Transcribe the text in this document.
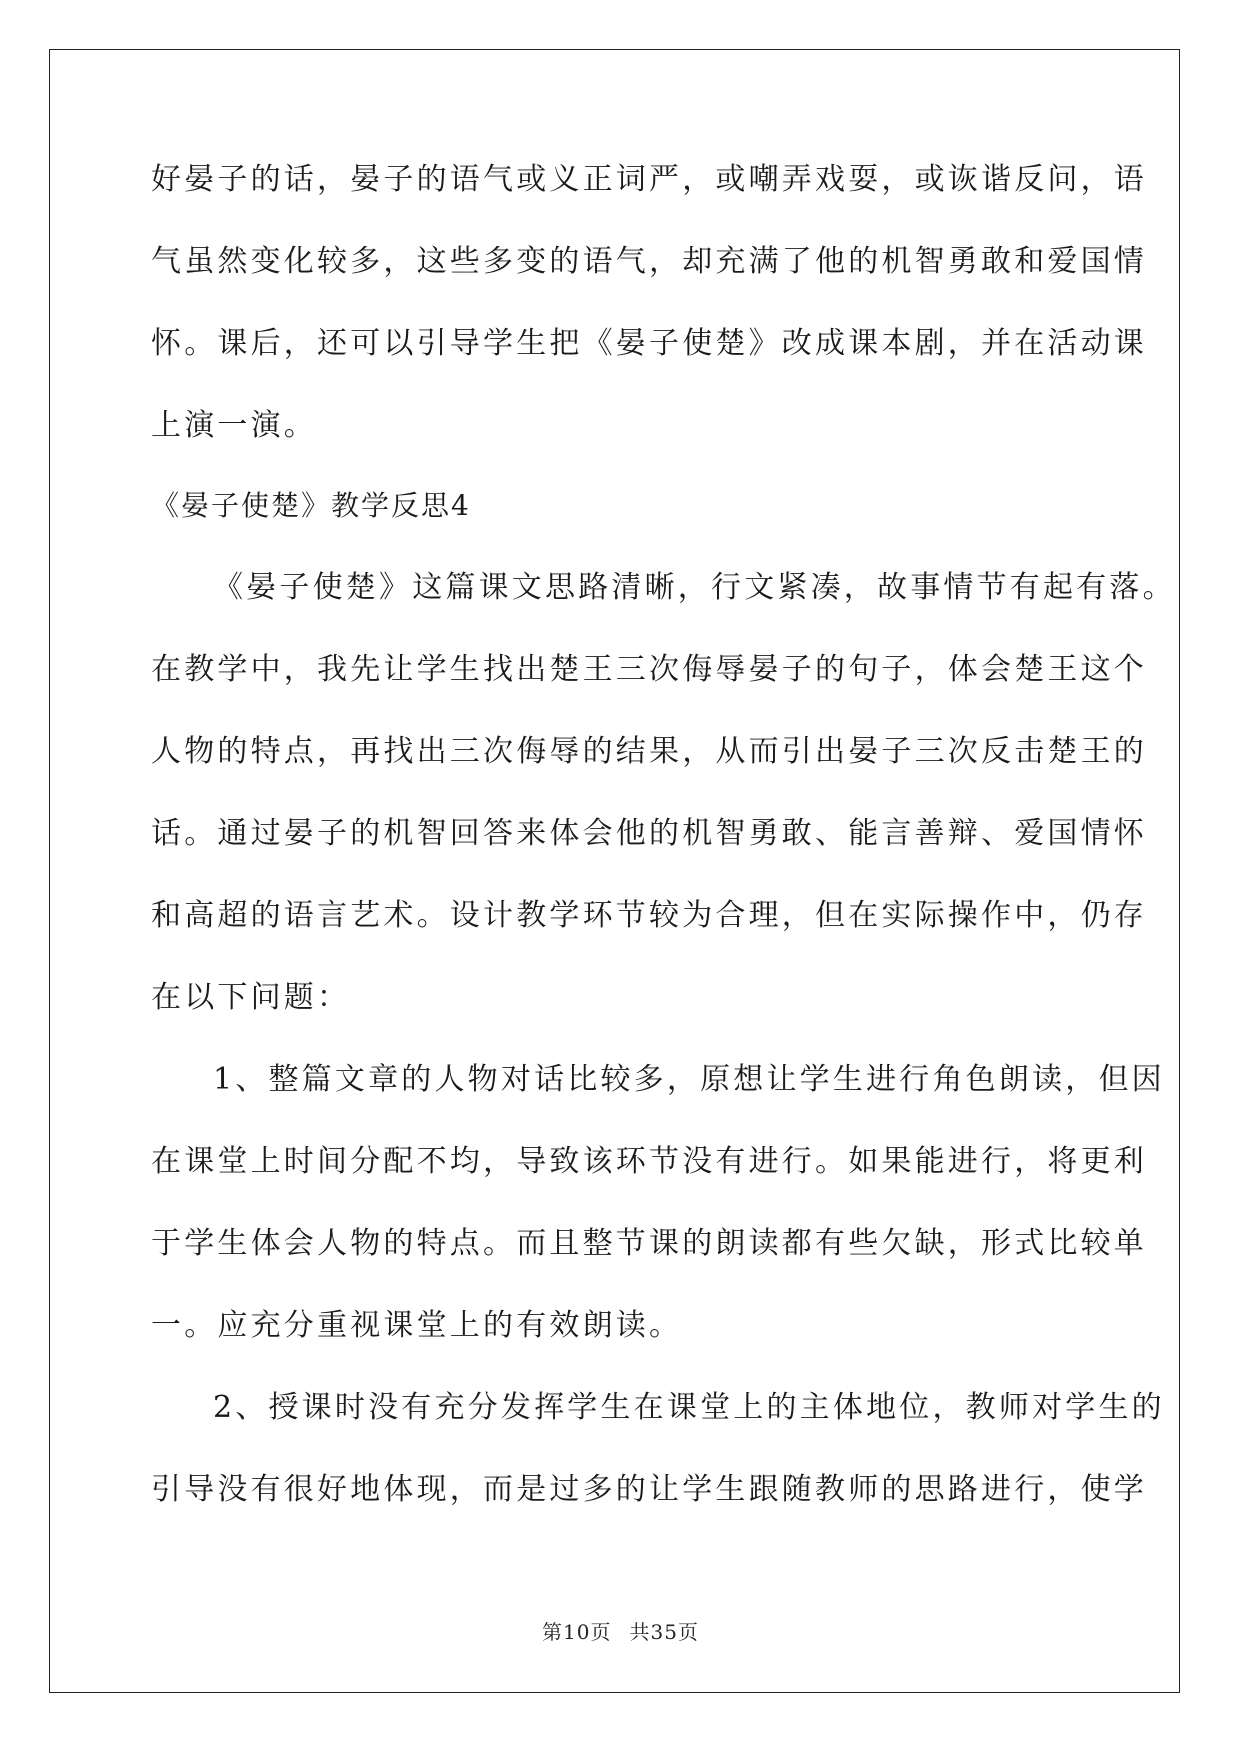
好晏子的话，晏子的语气或义正词严，或嘲弄戏耍，或诙谐反问，语
气虽然变化较多，这些多变的语气，却充满了他的机智勇敢和爱国情
怀。课后，还可以引导学生把《晏子使楚》改成课本剧，并在活动课
上演一演。
《晏子使楚》教学反思4
《晏子使楚》这篇课文思路清晰，行文紧凑，故事情节有起有落。
在教学中，我先让学生找出楚王三次侮辱晏子的句子，体会楚王这个
人物的特点，再找出三次侮辱的结果，从而引出晏子三次反击楚王的
话。通过晏子的机智回答来体会他的机智勇敢、能言善辩、爱国情怀
和高超的语言艺术。设计教学环节较为合理，但在实际操作中，仍存
在以下问题：
1、整篇文章的人物对话比较多，原想让学生进行角色朗读，但因
在课堂上时间分配不均，导致该环节没有进行。如果能进行，将更利
于学生体会人物的特点。而且整节课的朗读都有些欠缺，形式比较单
一。应充分重视课堂上的有效朗读。
2、授课时没有充分发挥学生在课堂上的主体地位，教师对学生的
引导没有很好地体现，而是过多的让学生跟随教师的思路进行，使学
第10页 共35页
